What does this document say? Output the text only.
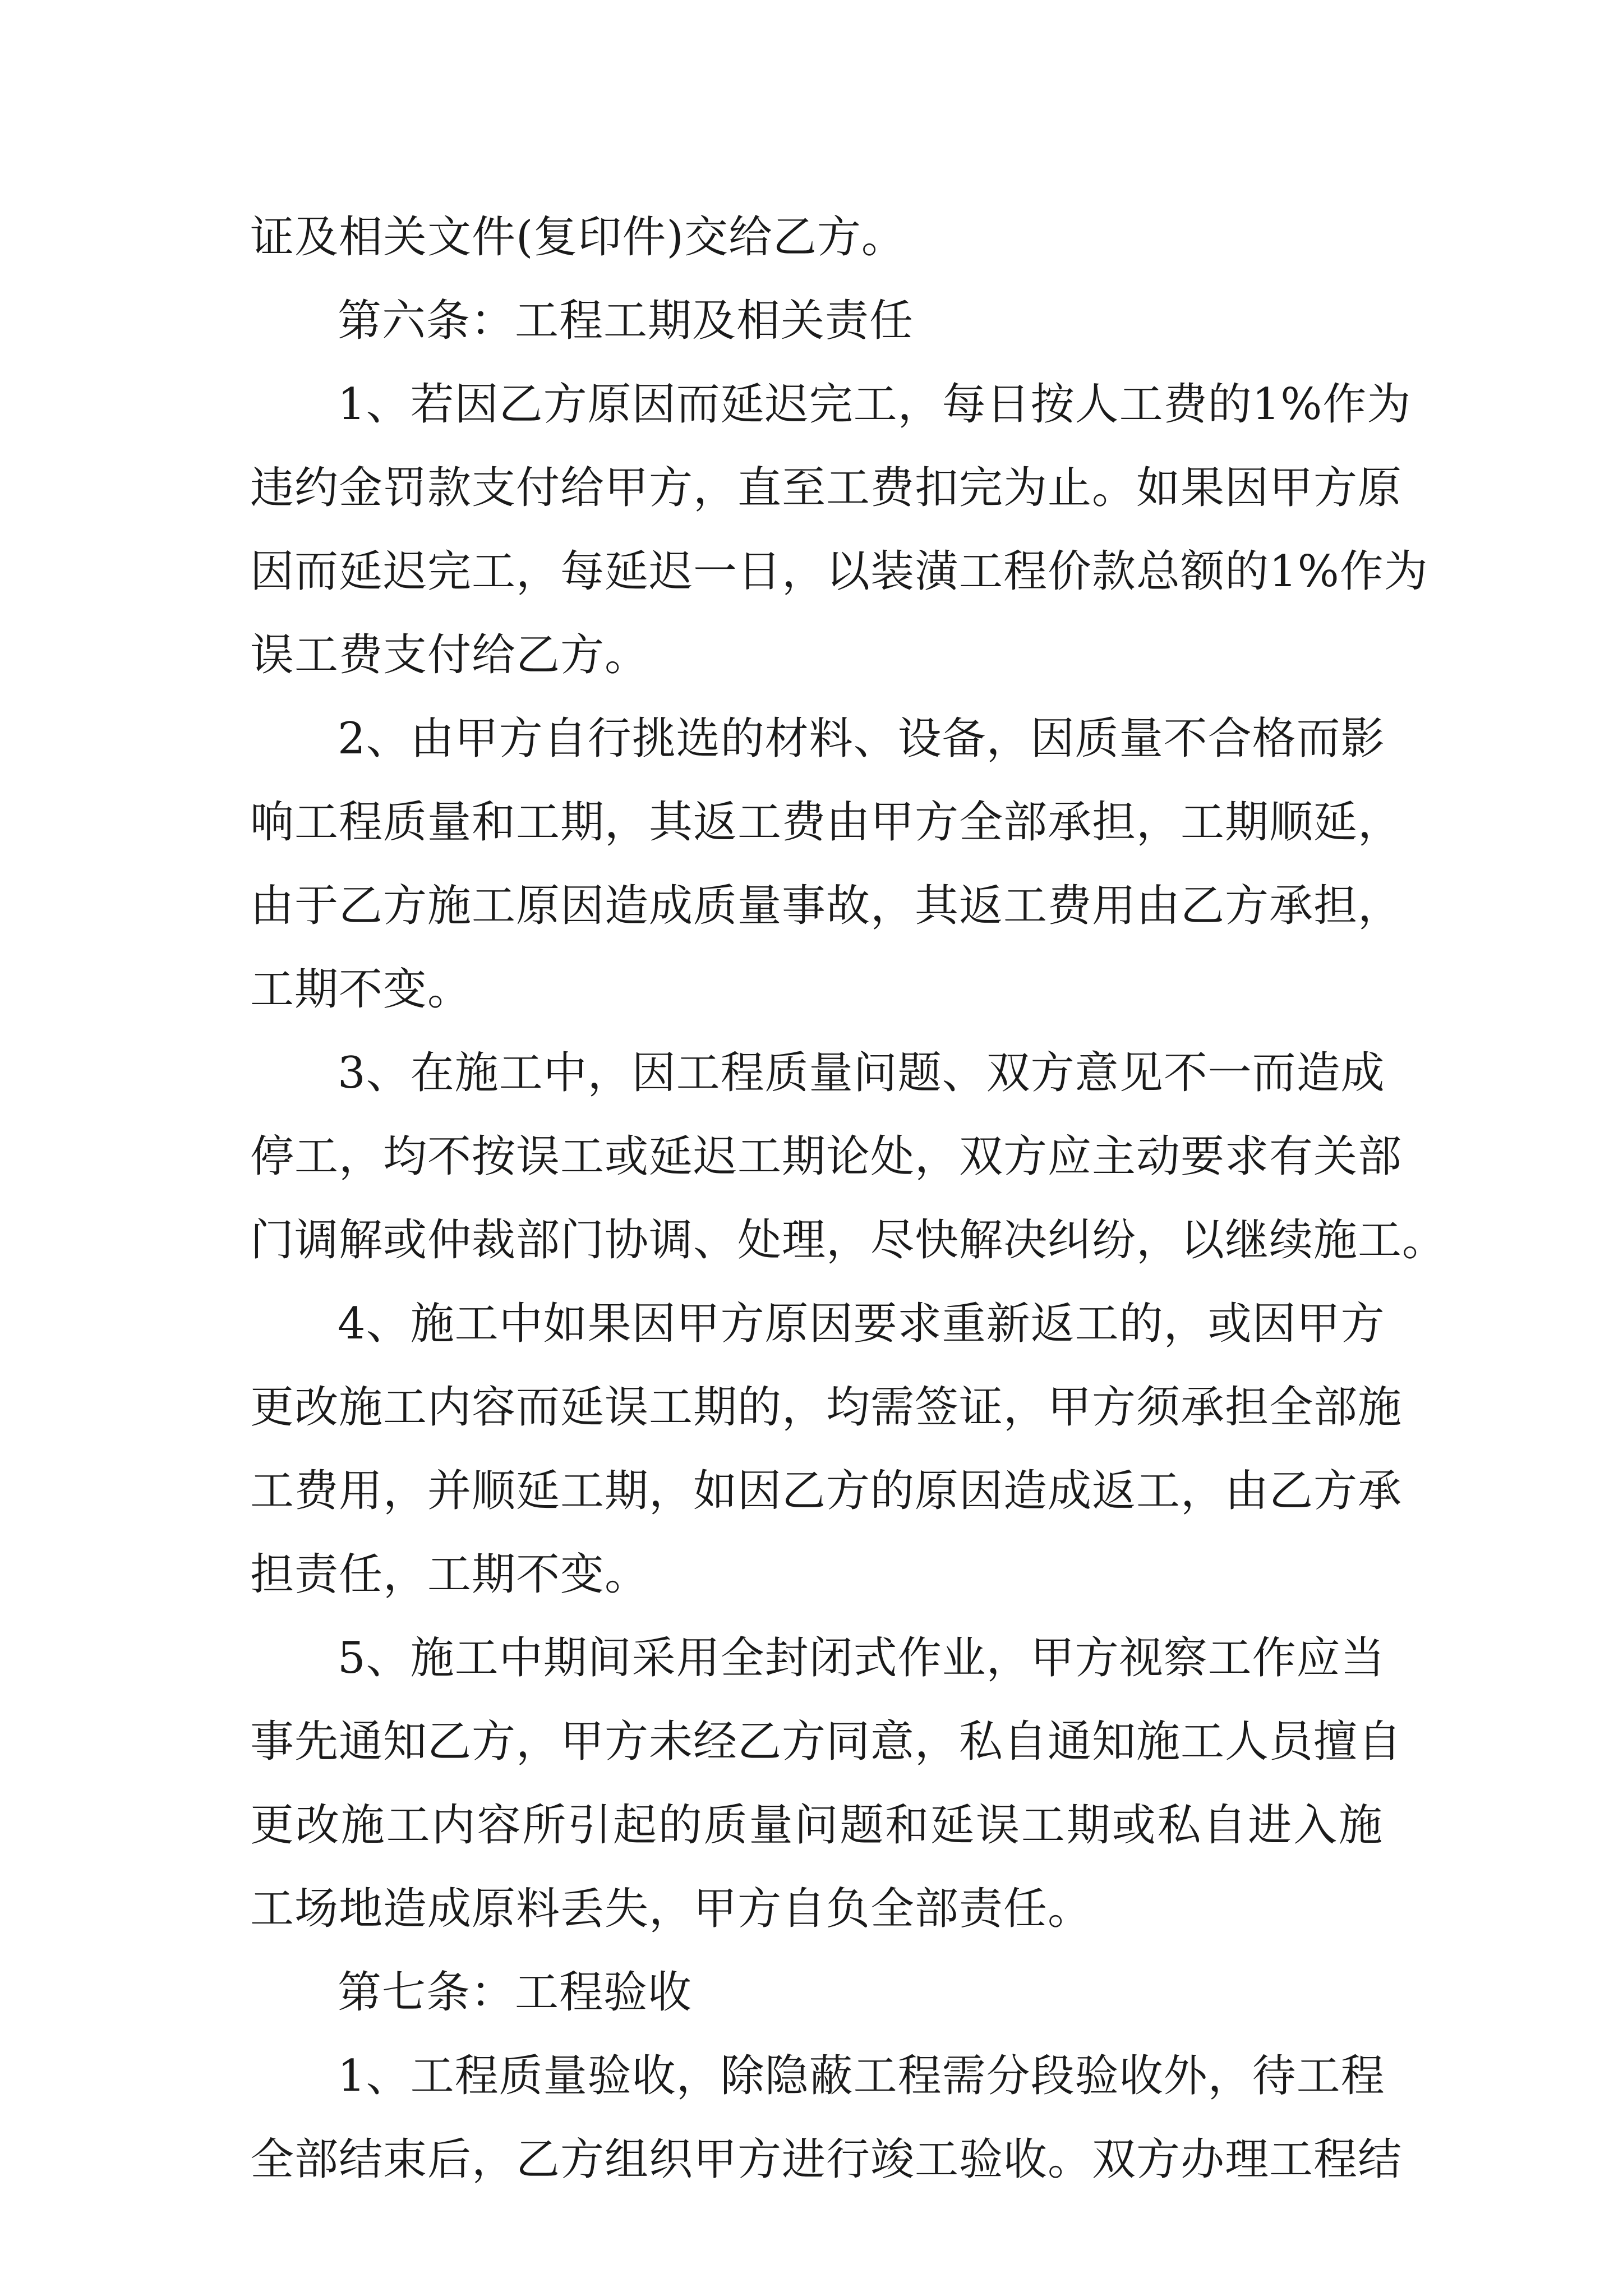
证及相关文件(复印件)交给乙方。
第六条：工程工期及相关责任
1、若因乙方原因而延迟完工，每日按人工费的1%作为
违约金罚款支付给甲方，直至工费扣完为止。如果因甲方原
因而延迟完工，每延迟一日，以装潢工程价款总额的1%作为
误工费支付给乙方。
2、由甲方自行挑选的材料、设备，因质量不合格而影
响工程质量和工期，其返工费由甲方全部承担，工期顺延，
由于乙方施工原因造成质量事故，其返工费用由乙方承担，
工期不变。
3、在施工中，因工程质量问题、双方意见不一而造成
停工，均不按误工或延迟工期论处，双方应主动要求有关部
门调解或仲裁部门协调、处理，尽快解决纠纷，以继续施工。
4、施工中如果因甲方原因要求重新返工的，或因甲方
更改施工内容而延误工期的，均需签证，甲方须承担全部施
工费用，并顺延工期，如因乙方的原因造成返工，由乙方承
担责任，工期不变。
5、施工中期间采用全封闭式作业，甲方视察工作应当
事先通知乙方，甲方未经乙方同意，私自通知施工人员擅自
更改施工内容所引起的质量问题和延误工期或私自进入施
工场地造成原料丢失，甲方自负全部责任。
第七条：工程验收
1、工程质量验收，除隐蔽工程需分段验收外，待工程
全部结束后，乙方组织甲方进行竣工验收。双方办理工程结
